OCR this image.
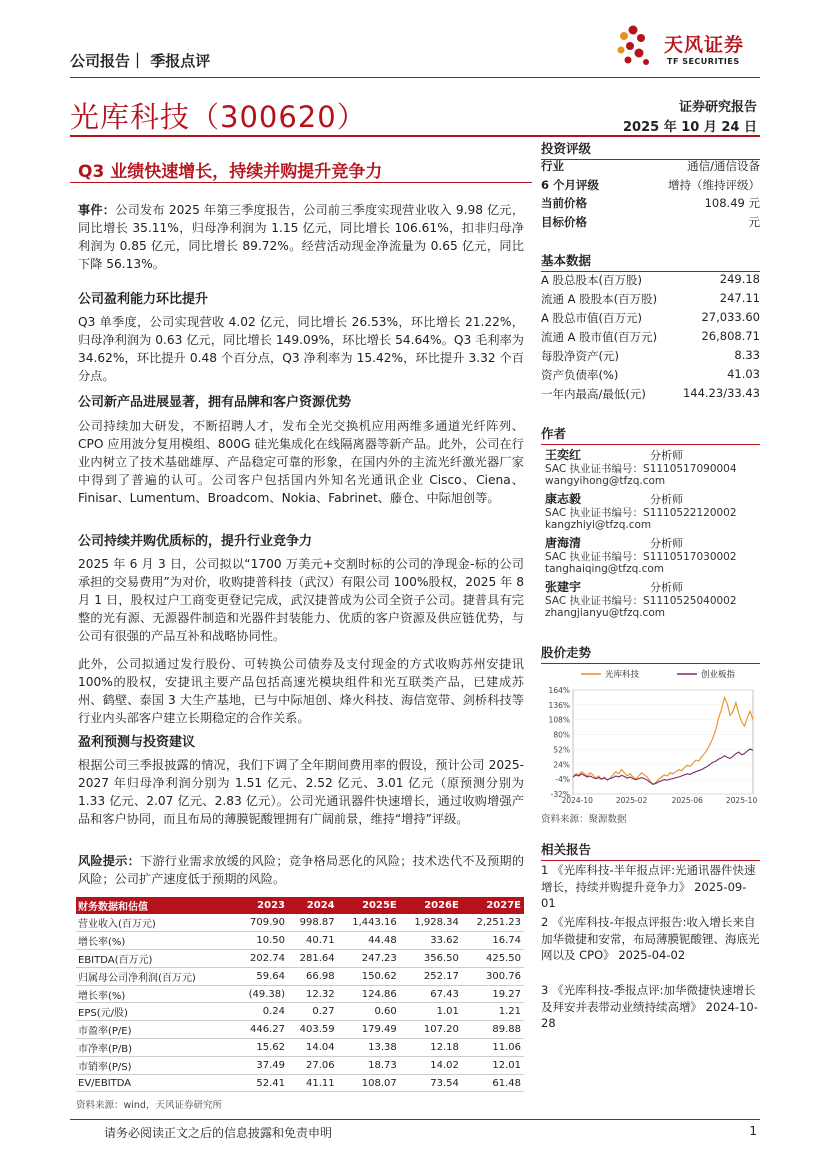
公司报告｜ 季报点评
天风证券
TF SECURITIES
光库科技（300620）	证券研究报告
2025 年 10 月 24 日
Q3 业绩快速增长，持续并购提升竞争力
事件：公司发布 2025 年第三季度报告，公司前三季度实现营业收入 9.98 亿元，同比增长 35.11%，归母净利润为 1.15 亿元，同比增长 106.61%，扣非归母净利润为 0.85 亿元，同比增长 89.72%。经营活动现金净流量为 0.65 亿元，同比下降 56.13%。
公司盈利能力环比提升
Q3 单季度，公司实现营收 4.02 亿元，同比增长 26.53%，环比增长 21.22%，归母净利润为 0.63 亿元，同比增长 149.09%，环比增长 54.64%。Q3 毛利率为 34.62%，环比提升 0.48 个百分点，Q3 净利率为 15.42%，环比提升 3.32 个百分点。
公司新产品进展显著，拥有品牌和客户资源优势
公司持续加大研发，不断招聘人才，发布全光交换机应用两维多通道光纤阵列、CPO 应用波分复用模组、800G 硅光集成化在线隔离器等新产品。此外，公司在行业内树立了技术基础雄厚、产品稳定可靠的形象，在国内外的主流光纤激光器厂家中得到了普遍的认可。公司客户包括国内外知名光通讯企业 Cisco、Ciena、Finisar、Lumentum、Broadcom、Nokia、Fabrinet、藤仓、中际旭创等。
公司持续并购优质标的，提升行业竞争力
2025 年 6 月 3 日，公司拟以“1700 万美元+交割时标的公司的净现金-标的公司承担的交易费用”为对价，收购捷普科技（武汉）有限公司 100%股权，2025 年 8 月 1 日，股权过户工商变更登记完成，武汉捷普成为公司全资子公司。捷普具有完整的光有源、无源器件制造和光器件封装能力、优质的客户资源及供应链优势，与公司有很强的产品互补和战略协同性。
此外，公司拟通过发行股份、可转换公司债券及支付现金的方式收购苏州安捷讯 100%的股权，安捷讯主要产品包括高速光模块组件和光互联类产品，已建成苏州、鹤壁、泰国 3 大生产基地，已与中际旭创、烽火科技、海信宽带、剑桥科技等行业内头部客户建立长期稳定的合作关系。
盈利预测与投资建议
根据公司三季报披露的情况，我们下调了全年期间费用率的假设，预计公司 2025-2027 年归母净利润分别为 1.51 亿元、2.52 亿元、3.01 亿元（原预测分别为 1.33 亿元、2.07 亿元、2.83 亿元）。公司光通讯器件快速增长，通过收购增强产品和客户协同，而且布局的薄膜铌酸锂拥有广阔前景，维持“增持”评级。
风险提示：下游行业需求放缓的风险；竞争格局恶化的风险；技术迭代不及预期的风险；公司扩产速度低于预期的风险。
财务数据和估值	2023	2024	2025E	2026E	2027E
营业收入(百万元)	709.90	998.87	1,443.16	1,928.34	2,251.23
增长率(%)	10.50	40.71	44.48	33.62	16.74
EBITDA(百万元)	202.74	281.64	247.23	356.50	425.50
归属母公司净利润(百万元)	59.64	66.98	150.62	252.17	300.76
增长率(%)	(49.38)	12.32	124.86	67.43	19.27
EPS(元/股)	0.24	0.27	0.60	1.01	1.21
市盈率(P/E)	446.27	403.59	179.49	107.20	89.88
市净率(P/B)	15.62	14.04	13.38	12.18	11.06
市销率(P/S)	37.49	27.06	18.73	14.02	12.01
EV/EBITDA	52.41	41.11	108.07	73.54	61.48
资料来源：wind，天风证券研究所
投资评级
行业	通信/通信设备
6 个月评级	增持（维持评级）
当前价格	108.49 元
目标价格	元
基本数据
A 股总股本(百万股)	249.18
流通 A 股股本(百万股)	247.11
A 股总市值(百万元)	27,033.60
流通 A 股市值(百万元)	26,808.71
每股净资产(元)	8.33
资产负债率(%)	41.03
一年内最高/最低(元)	144.23/33.43
作者
王奕红	分析师
SAC 执业证书编号：S1110517090004
wangyihong@tfzq.com
康志毅	分析师
SAC 执业证书编号：S1110522120002
kangzhiyi@tfzq.com
唐海清	分析师
SAC 执业证书编号：S1110517030002
tanghaiqing@tfzq.com
张建宇	分析师
SAC 执业证书编号：S1110525040002
zhangjianyu@tfzq.com
股价走势
164%
136%
108%
80%
52%
24%
-4%
-32%
2024-10	2025-02	2025-06	2025-10
光库科技	创业板指
资料来源：聚源数据
相关报告
1 《光库科技-半年报点评:光通讯器件快速增长，持续并购提升竞争力》 2025-09-01
2 《光库科技-年报点评报告:收入增长来自加华微捷和安常，布局薄膜铌酸锂、海底光网以及 CPO》 2025-04-02
3 《光库科技-季报点评:加华微捷快速增长及拜安并表带动业绩持续高增》 2024-10-28
请务必阅读正文之后的信息披露和免责申明	1
